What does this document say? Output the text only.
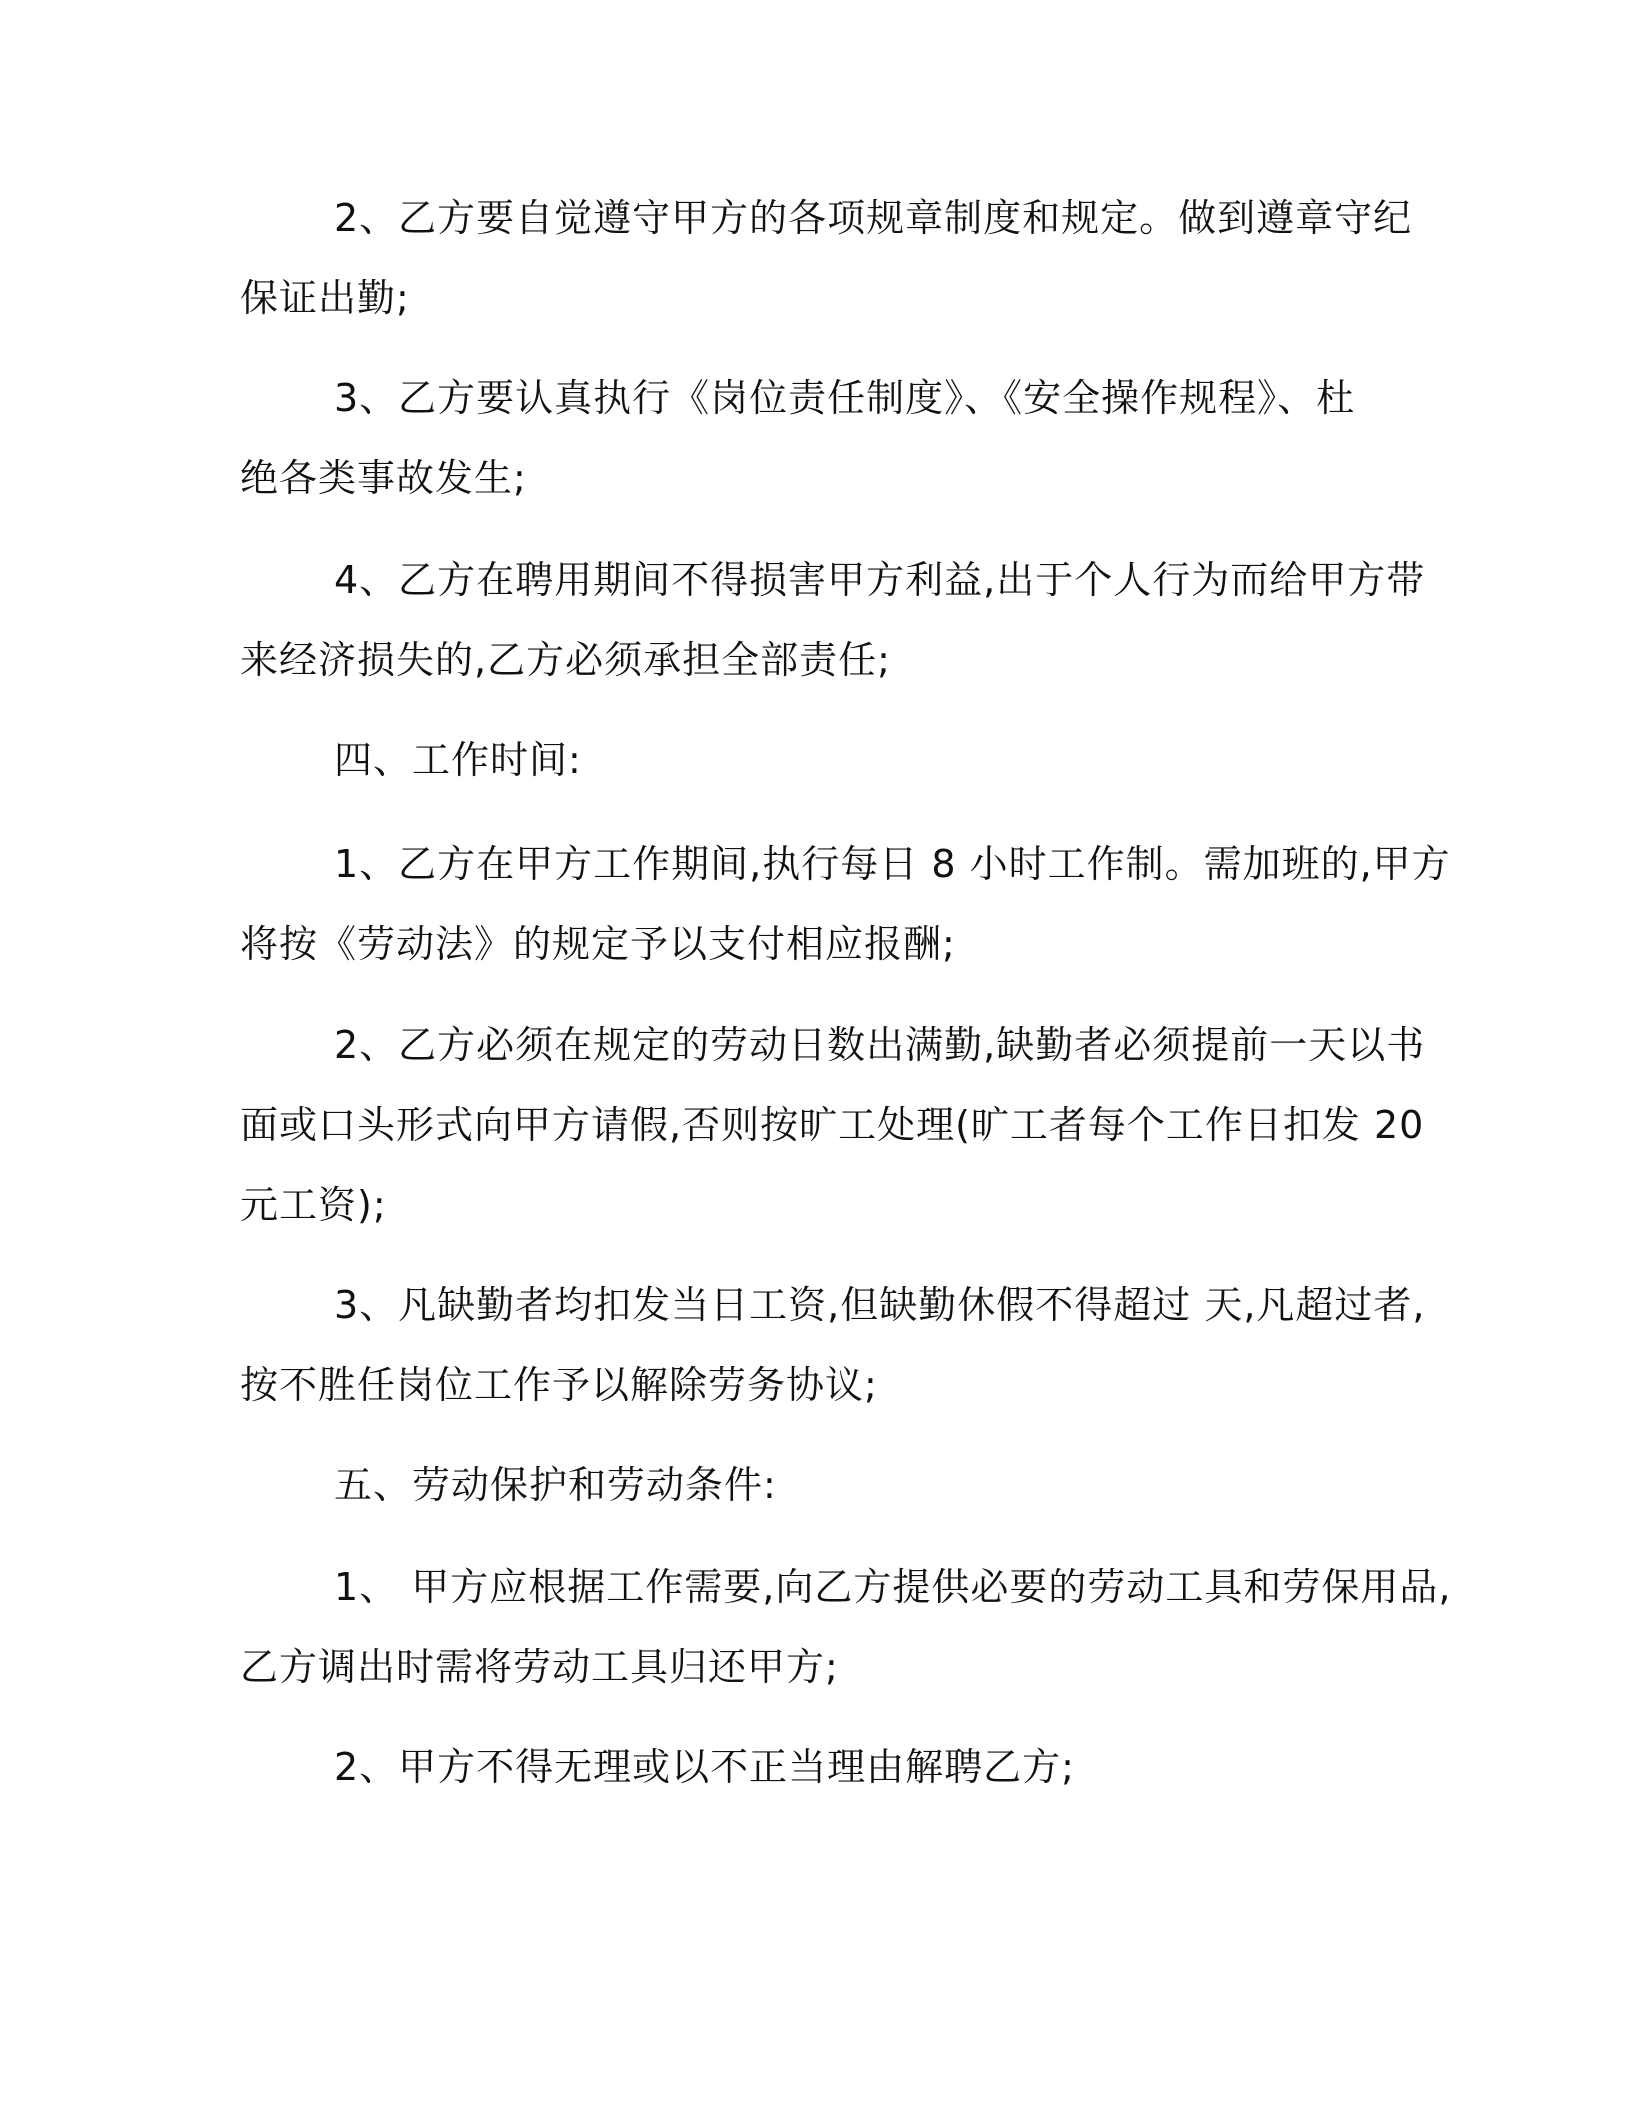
2、乙方要自觉遵守甲方的各项规章制度和规定。做到遵章守纪
保证出勤;

3、乙方要认真执行《岗位责任制度》、《安全操作规程》、杜
绝各类事故发生;

4、乙方在聘用期间不得损害甲方利益,出于个人行为而给甲方带
来经济损失的,乙方必须承担全部责任;

四、工作时间:

1、乙方在甲方工作期间,执行每日 8 小时工作制。需加班的,甲方
将按《劳动法》的规定予以支付相应报酬;

2、乙方必须在规定的劳动日数出满勤,缺勤者必须提前一天以书
面或口头形式向甲方请假,否则按旷工处理(旷工者每个工作日扣发 20
元工资);

3、凡缺勤者均扣发当日工资,但缺勤休假不得超过 天,凡超过者,
按不胜任岗位工作予以解除劳务协议;

五、劳动保护和劳动条件:

1、 甲方应根据工作需要,向乙方提供必要的劳动工具和劳保用品,
乙方调出时需将劳动工具归还甲方;

2、甲方不得无理或以不正当理由解聘乙方;
